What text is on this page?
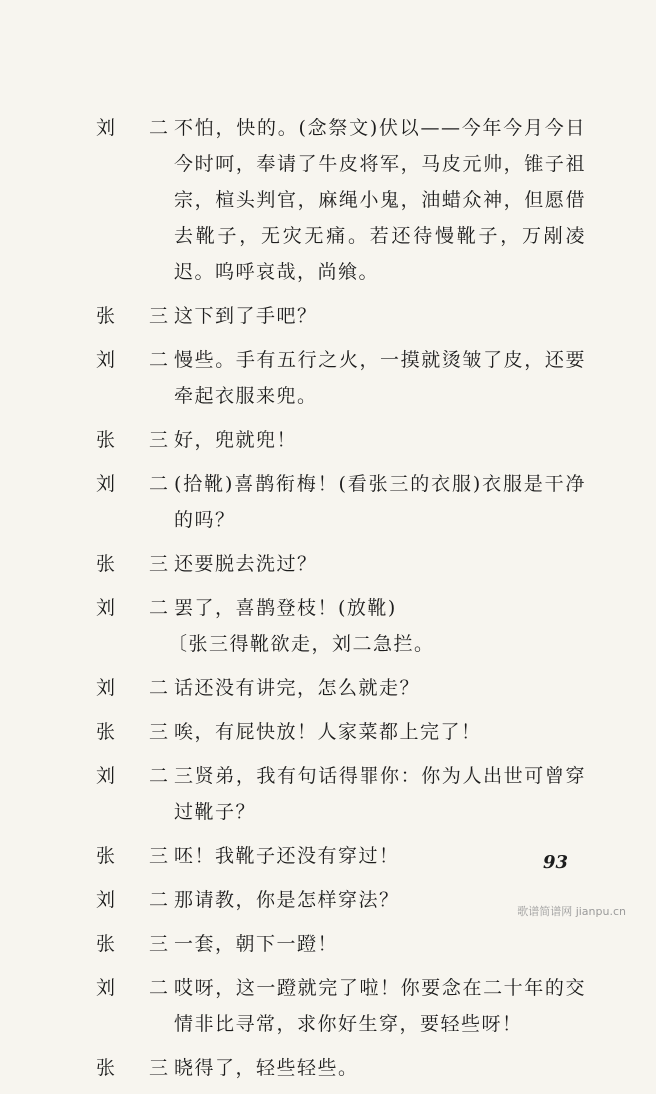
刘 二
不怕，快的。(念祭文)伏以——今年今月今日今时呵，奉请了牛皮将军，马皮元帅，锥子祖宗，楦头判官，麻绳小鬼，油蜡众神，但愿借去靴子，无灾无痛。若还待慢靴子，万剐凌迟。呜呼哀哉，尚飨。
张 三
这下到了手吧？
刘 二
慢些。手有五行之火，一摸就烫皱了皮，还要牵起衣服来兜。
张 三
好，兜就兜！
刘 二
(拾靴)喜鹊衔梅！(看张三的衣服)衣服是干净的吗？
张 三
还要脱去洗过？
刘 二
罢了，喜鹊登枝！(放靴)
〔张三得靴欲走，刘二急拦。
刘 二
话还没有讲完，怎么就走？
张 三
唉，有屁快放！人家菜都上完了！
刘 二
三贤弟，我有句话得罪你：你为人出世可曾穿过靴子？
张 三
呸！我靴子还没有穿过！
刘 二
那请教，你是怎样穿法？
张 三
一套，朝下一蹬！
刘 二
哎呀，这一蹬就完了啦！你要念在二十年的交情非比寻常，求你好生穿，要轻些呀！
张 三
晓得了，轻些轻些。
93
歌谱简谱网 jianpu.cn
